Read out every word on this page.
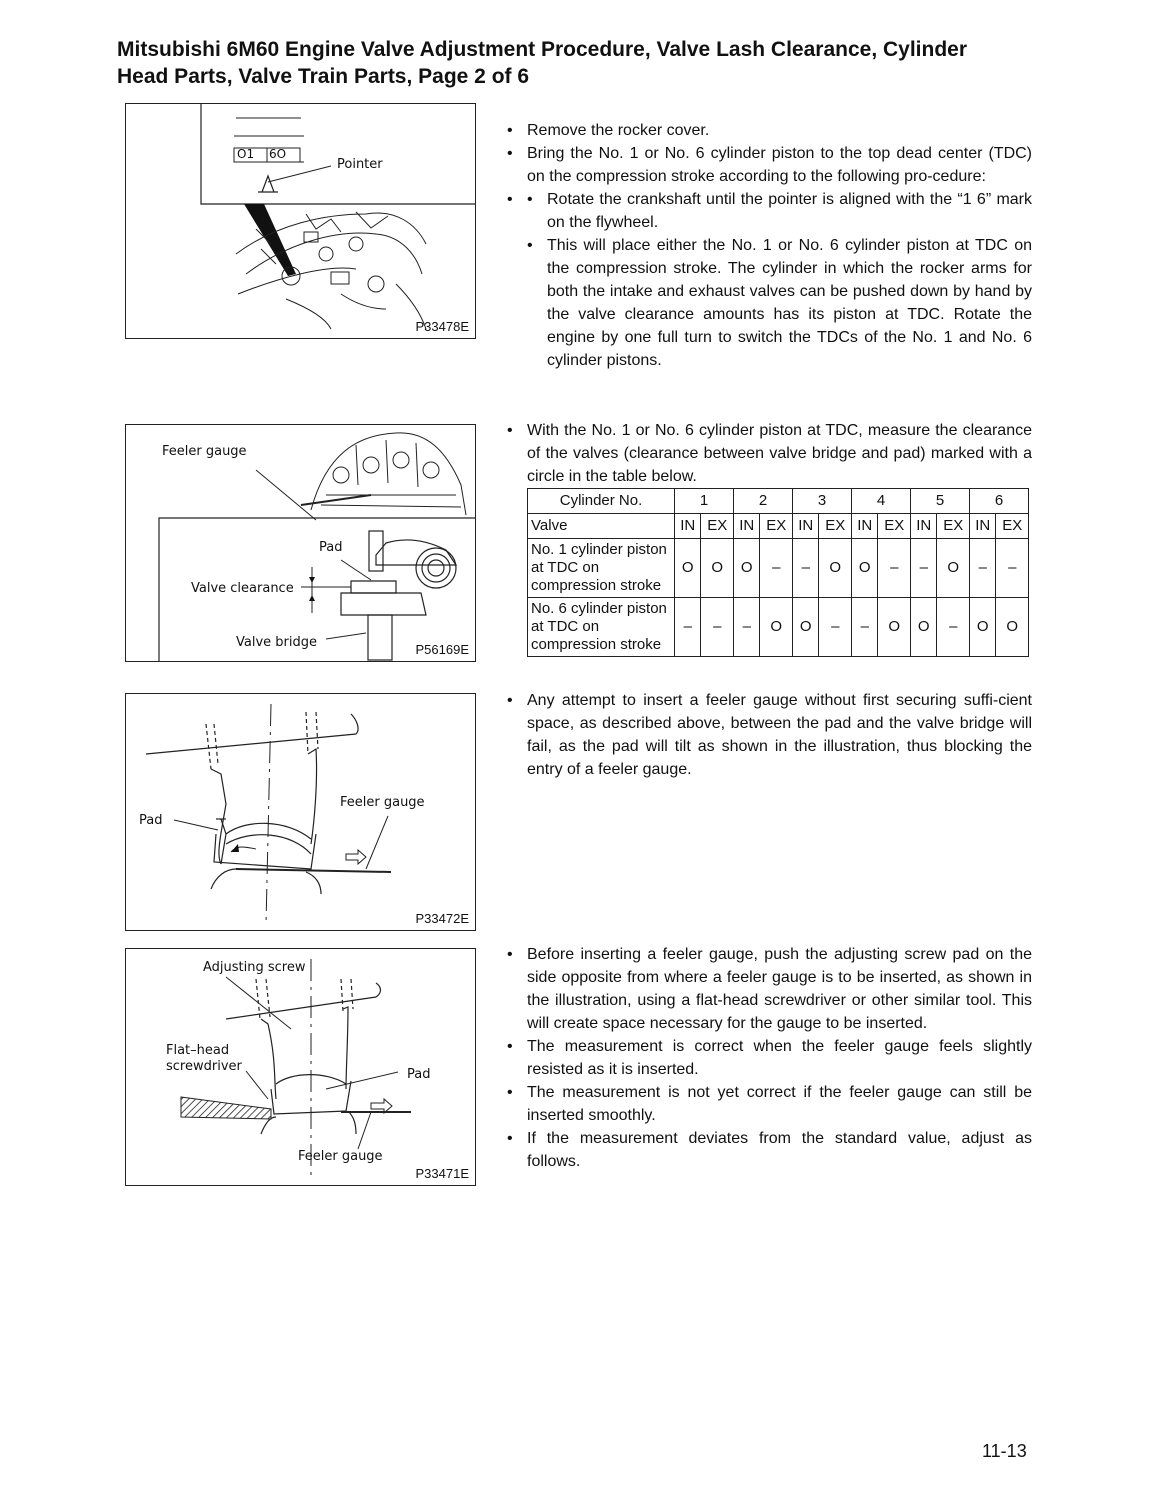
Mitsubishi 6M60 Engine Valve Adjustment Procedure, Valve Lash Clearance, Cylinder Head Parts, Valve Train Parts, Page 2 of 6
O1 6O
Pointer
P33478E
Feeler gauge
Pad
Valve clearance
Valve bridge	P56169E
Pad
Feeler gauge
P33472E
Adjusting screw
Flat–head
screwdriver
Pad
Feeler gauge
P33471E
• Remove the rocker cover.
• Bring the No. 1 or No. 6 cylinder piston to the top dead center (TDC) on the compression stroke according to the following pro-cedure:
• • Rotate the crankshaft until the pointer is aligned with the “1 6” mark on the flywheel.
• This will place either the No. 1 or No. 6 cylinder piston at TDC on the compression stroke. The cylinder in which the rocker arms for both the intake and exhaust valves can be pushed down by hand by the valve clearance amounts has its piston at TDC. Rotate the engine by one full turn to switch the TDCs of the No. 1 and No. 6 cylinder pistons.
• With the No. 1 or No. 6 cylinder piston at TDC, measure the clearance of the valves (clearance between valve bridge and pad) marked with a circle in the table below.
Cylinder No.	1		2		3		4		5		6	
Valve	IN	EX	IN	EX	IN	EX	IN	EX	IN	EX	IN	EX
No. 1 cylinder piston at TDC on compression stroke	O	O	O	–	–	O	O	–	–	O	–	–
No. 6 cylinder piston at TDC on compression stroke	–	–	–	O	O	–	–	O	O	–	O	O
• Any attempt to insert a feeler gauge without first securing suffi-cient space, as described above, between the pad and the valve bridge will fail, as the pad will tilt as shown in the illustration, thus blocking the entry of a feeler gauge.
• Before inserting a feeler gauge, push the adjusting screw pad on the side opposite from where a feeler gauge is to be inserted, as shown in the illustration, using a flat-head screwdriver or other similar tool. This will create space necessary for the gauge to be inserted.
• The measurement is correct when the feeler gauge feels slightly resisted as it is inserted.
• The measurement is not yet correct if the feeler gauge can still be inserted smoothly.
• If the measurement deviates from the standard value, adjust as follows.
11-13
